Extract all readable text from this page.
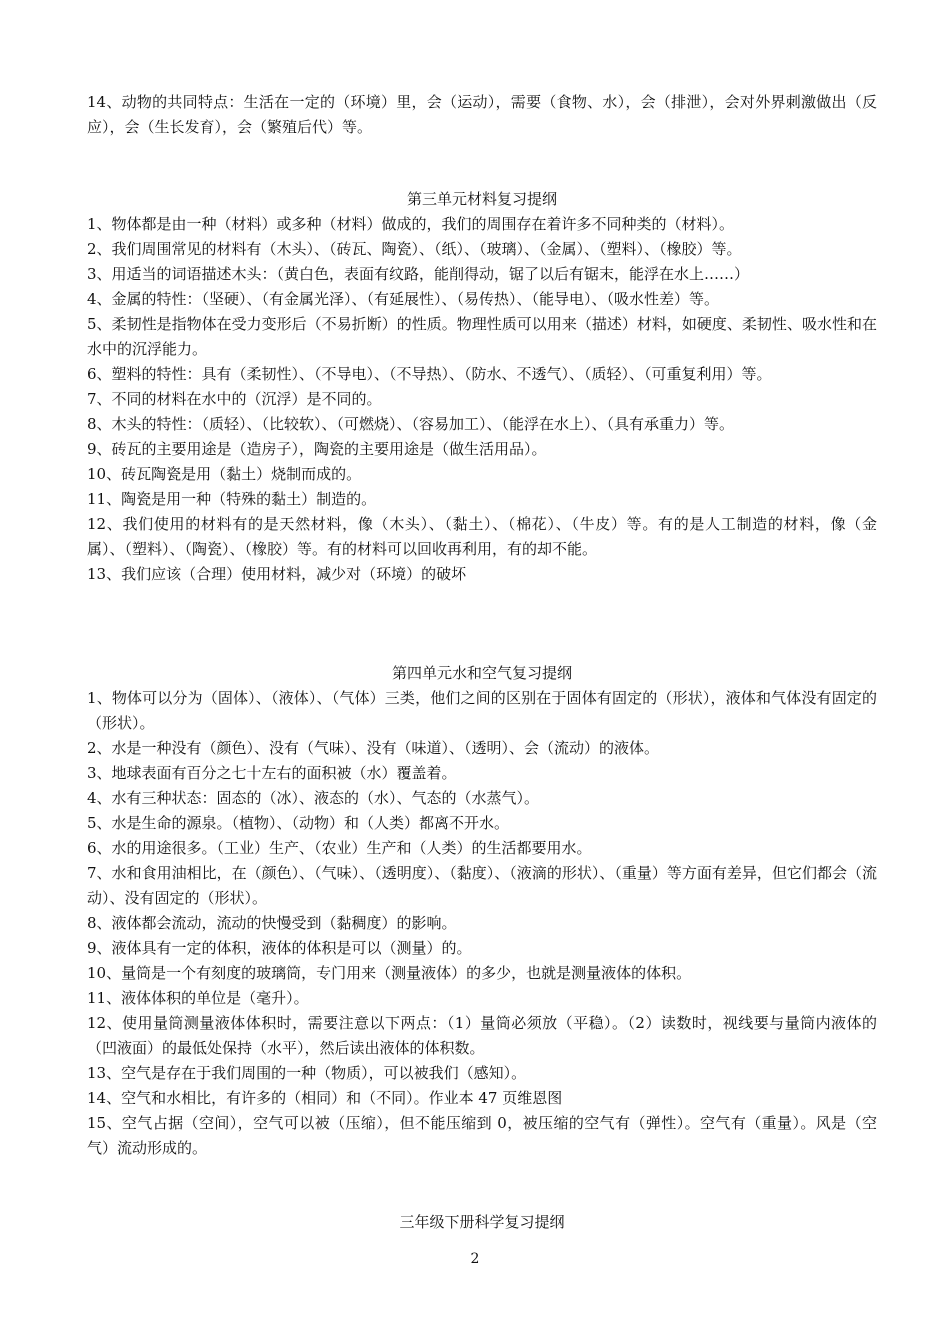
14、动物的共同特点：生活在一定的（环境）里，会（运动），需要（食物、水），会（排泄），会对外界刺激做出（反应），会（生长发育），会（繁殖后代）等。

第三单元材料复习提纲

1、物体都是由一种（材料）或多种（材料）做成的，我们的周围存在着许多不同种类的（材料）。

2、我们周围常见的材料有（木头）、（砖瓦、陶瓷）、（纸）、（玻璃）、（金属）、（塑料）、（橡胶）等。

3、用适当的词语描述木头：（黄白色，表面有纹路，能削得动，锯了以后有锯末，能浮在水上……）

4、金属的特性：（坚硬）、（有金属光泽）、（有延展性）、（易传热）、（能导电）、（吸水性差）等。

5、柔韧性是指物体在受力变形后（不易折断）的性质。物理性质可以用来（描述）材料，如硬度、柔韧性、吸水性和在水中的沉浮能力。

6、塑料的特性：具有（柔韧性）、（不导电）、（不导热）、（防水、不透气）、（质轻）、（可重复利用）等。

7、不同的材料在水中的（沉浮）是不同的。

8、木头的特性：（质轻）、（比较软）、（可燃烧）、（容易加工）、（能浮在水上）、（具有承重力）等。

9、砖瓦的主要用途是（造房子），陶瓷的主要用途是（做生活用品）。

10、砖瓦陶瓷是用（黏土）烧制而成的。

11、陶瓷是用一种（特殊的黏土）制造的。

12、我们使用的材料有的是天然材料，像（木头）、（黏土）、（棉花）、（牛皮）等。有的是人工制造的材料，像（金属）、（塑料）、（陶瓷）、（橡胶）等。有的材料可以回收再利用，有的却不能。

13、我们应该（合理）使用材料，减少对（环境）的破坏

第四单元水和空气复习提纲

1、物体可以分为（固体）、（液体）、（气体）三类，他们之间的区别在于固体有固定的（形状），液体和气体没有固定的（形状）。

2、水是一种没有（颜色）、没有（气味）、没有（味道）、（透明）、会（流动）的液体。

3、地球表面有百分之七十左右的面积被（水）覆盖着。

4、水有三种状态：固态的（冰）、液态的（水）、气态的（水蒸气）。

5、水是生命的源泉。（植物）、（动物）和（人类）都离不开水。

6、水的用途很多。（工业）生产、（农业）生产和（人类）的生活都要用水。

7、水和食用油相比，在（颜色）、（气味）、（透明度）、（黏度）、（液滴的形状）、（重量）等方面有差异，但它们都会（流动）、没有固定的（形状）。

8、液体都会流动，流动的快慢受到（黏稠度）的影响。

9、液体具有一定的体积，液体的体积是可以（测量）的。

10、量筒是一个有刻度的玻璃筒，专门用来（测量液体）的多少，也就是测量液体的体积。

11、液体体积的单位是（毫升）。

12、使用量筒测量液体体积时，需要注意以下两点：（1）量筒必须放（平稳）。（2）读数时，视线要与量筒内液体的（凹液面）的最低处保持（水平），然后读出液体的体积数。

13、空气是存在于我们周围的一种（物质），可以被我们（感知）。

14、空气和水相比，有许多的（相同）和（不同）。作业本 47 页维恩图

15、空气占据（空间），空气可以被（压缩），但不能压缩到 0，被压缩的空气有（弹性）。空气有（重量）。风是（空气）流动形成的。

三年级下册科学复习提纲
2
